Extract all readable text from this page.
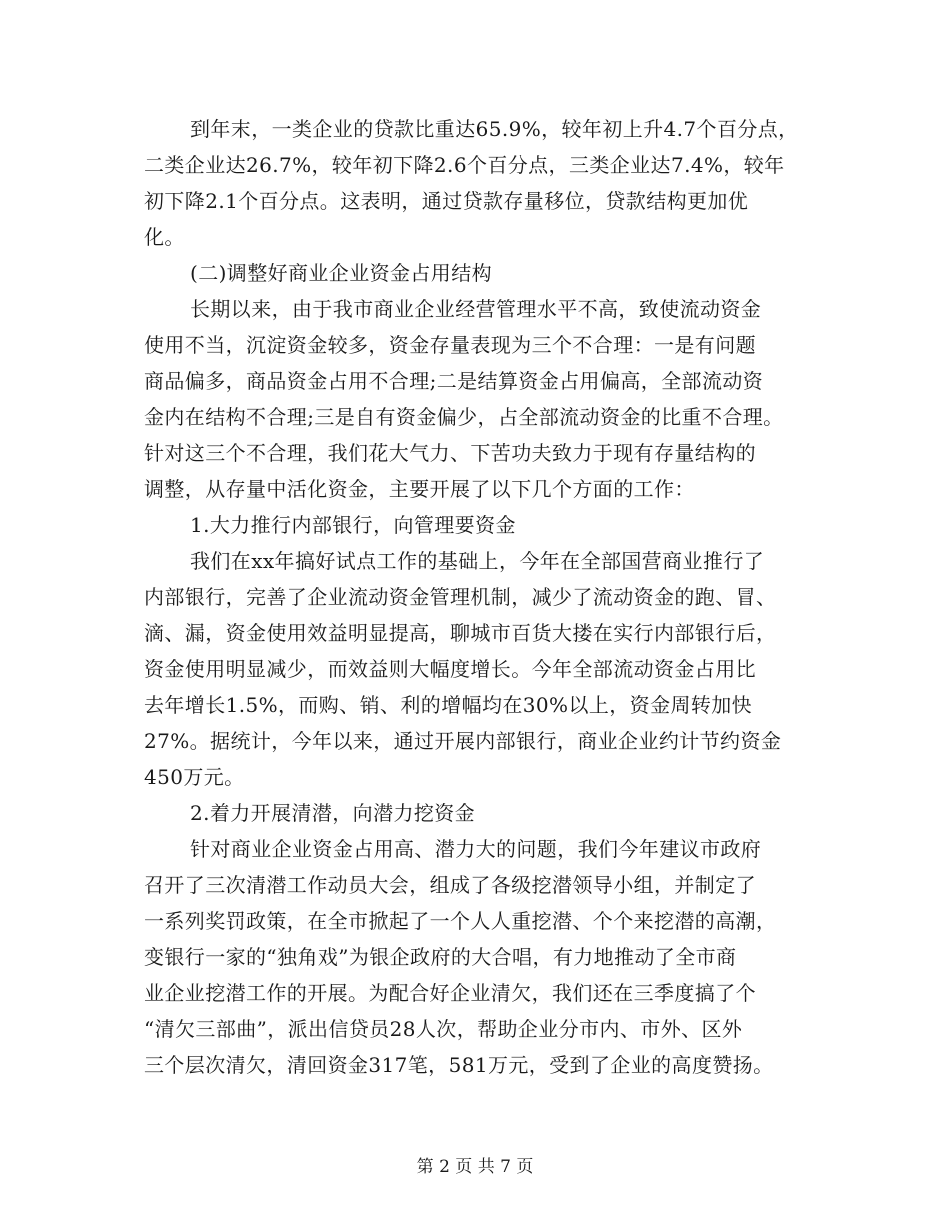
到年末，一类企业的贷款比重达65.9%，较年初上升4.7个百分点，
二类企业达26.7%，较年初下降2.6个百分点，三类企业达7.4%，较年
初下降2.1个百分点。这表明，通过贷款存量移位，贷款结构更加优
化。
(二)调整好商业企业资金占用结构
长期以来，由于我市商业企业经营管理水平不高，致使流动资金
使用不当，沉淀资金较多，资金存量表现为三个不合理：一是有问题
商品偏多，商品资金占用不合理;二是结算资金占用偏高，全部流动资
金内在结构不合理;三是自有资金偏少，占全部流动资金的比重不合理。
针对这三个不合理，我们花大气力、下苦功夫致力于现有存量结构的
调整，从存量中活化资金，主要开展了以下几个方面的工作：
1.大力推行内部银行，向管理要资金
我们在xx年搞好试点工作的基础上，今年在全部国营商业推行了
内部银行，完善了企业流动资金管理机制，减少了流动资金的跑、冒、
滴、漏，资金使用效益明显提高，聊城市百货大搂在实行内部银行后，
资金使用明显减少，而效益则大幅度增长。今年全部流动资金占用比
去年增长1.5%，而购、销、利的增幅均在30%以上，资金周转加快
27%。据统计，今年以来，通过开展内部银行，商业企业约计节约资金
450万元。
2.着力开展清潜，向潜力挖资金
针对商业企业资金占用高、潜力大的问题，我们今年建议市政府
召开了三次清潜工作动员大会，组成了各级挖潜领导小组，并制定了
一系列奖罚政策，在全市掀起了一个人人重挖潜、个个来挖潜的高潮，
变银行一家的“独角戏”为银企政府的大合唱，有力地推动了全市商
业企业挖潜工作的开展。为配合好企业清欠，我们还在三季度搞了个
“清欠三部曲”，派出信贷员28人次，帮助企业分市内、市外、区外
三个层次清欠，清回资金317笔，581万元，受到了企业的高度赞扬。
第 2 页 共 7 页
